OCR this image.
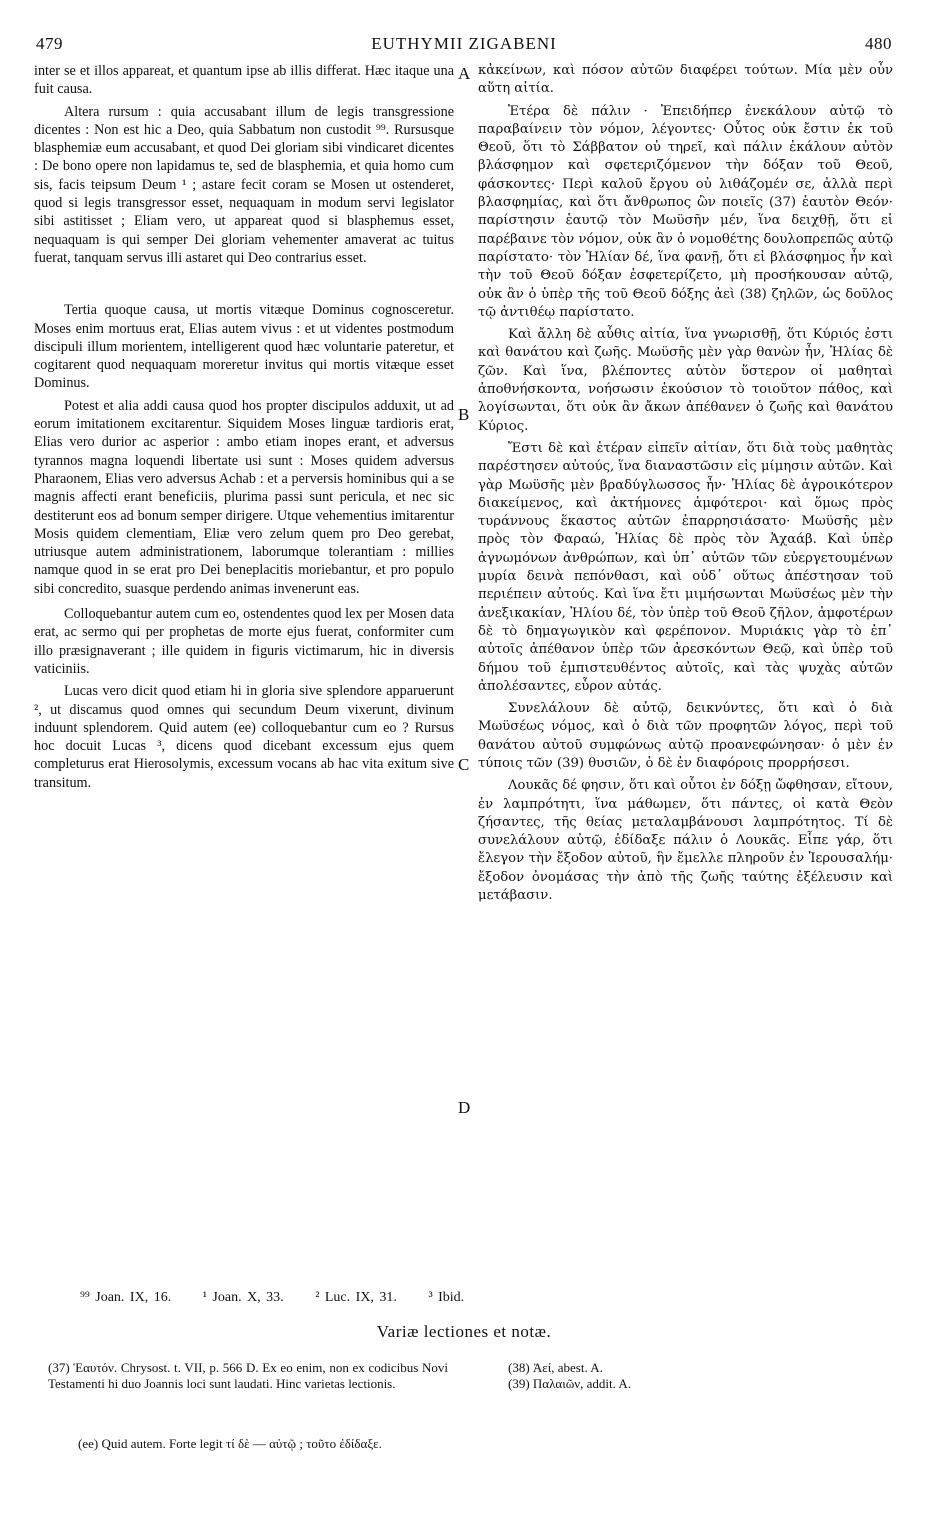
479	EUTHYMII ZIGABENI	480

inter se et illos appareat, et quantum ipse ab illis differat. Hæc itaque una fuit causa.

Altera rursum : quia accusabant illum de legis transgressione dicentes : Non est hic a Deo, quia Sabbatum non custodit ⁹⁹. Rursusque blasphemiæ eum accusabant, et quod Dei gloriam sibi vindicaret dicentes : De bono opere non lapidamus te, sed de blasphemia, et quia homo cum sis, facis teipsum Deum ¹ ; astare fecit coram se Mosen ut ostenderet, quod si legis transgressor esset, nequaquam in modum servi legislator sibi astitisset ; Eliam vero, ut appareat quod si blasphemus esset, nequaquam is qui semper Dei gloriam vehementer amaverat ac tuitus fuerat, tanquam servus illi astaret qui Deo contrarius esset.

Tertia quoque causa, ut mortis vitæque Dominus cognosceretur. Moses enim mortuus erat, Elias autem vivus : et ut videntes postmodum discipuli illum morientem, intelligerent quod hæc voluntarie pateretur, et cogitarent quod nequaquam moreretur invitus qui mortis vitæque esset Dominus.

Potest et alia addi causa quod hos propter discipulos adduxit, ut ad eorum imitationem excitarentur. Siquidem Moses linguæ tardioris erat, Elias vero durior ac asperior : ambo etiam inopes erant, et adversus tyrannos magna loquendi libertate usi sunt : Moses quidem adversus Pharaonem, Elias vero adversus Achab : et a perversis hominibus qui a se magnis affecti erant beneficiis, plurima passi sunt pericula, et nec sic destiterunt eos ad bonum semper dirigere. Utque vehementius imitarentur Mosis quidem clementiam, Eliæ vero zelum quem pro Deo gerebat, utriusque autem administrationem, laborumque tolerantiam : millies namque quod in se erat pro Dei beneplacitis moriebantur, et pro populo sibi concredito, suasque perdendo animas invenerunt eas.

Colloquebantur autem cum eo, ostendentes quod lex per Mosen data erat, ac sermo qui per prophetas de morte ejus fuerat, conformiter cum illo præsignaverant ; ille quidem in figuris victimarum, hic in diversis vaticiniis.

Lucas vero dicit quod etiam hi in gloria sive splendore apparuerunt ², ut discamus quod omnes qui secundum Deum vixerunt, divinum induunt splendorem. Quid autem (ee) colloquebantur cum eo ? Rursus hoc docuit Lucas ³, dicens quod dicebant excessum ejus quem completurus erat Hierosolymis, excessum vocans ab hac vita exitum sive transitum.

A
B
C
D

κἀκείνων, καὶ πόσον αὐτῶν διαφέρει τούτων. Μία μὲν οὖν αὕτη αἰτία.

Ἑτέρα δὲ πάλιν · Ἐπειδήπερ ἐνεκάλουν αὐτῷ τὸ παραβαίνειν τὸν νόμον, λέγοντες· Οὗτος οὐκ ἔστιν ἐκ τοῦ Θεοῦ, ὅτι τὸ Σάββατον οὐ τηρεῖ, καὶ πάλιν ἐκάλουν αὐτὸν βλάσφημον καὶ σφετεριζόμενον τὴν δόξαν τοῦ Θεοῦ, φάσκοντες· Περὶ καλοῦ ἔργου οὐ λιθάζομέν σε, ἀλλὰ περὶ βλασφημίας, καὶ ὅτι ἄνθρωπος ὢν ποιεῖς (37) ἑαυτὸν Θεόν· παρίστησιν ἑαυτῷ τὸν Μωϋσῆν μέν, ἵνα δειχθῇ, ὅτι εἰ παρέβαινε τὸν νόμον, οὐκ ἂν ὁ νομοθέτης δουλοπρεπῶς αὐτῷ παρίστατο· τὸν Ἠλίαν δέ, ἵνα φανῇ, ὅτι εἰ βλάσφημος ἦν καὶ τὴν τοῦ Θεοῦ δόξαν ἐσφετερίζετο, μὴ προσήκουσαν αὐτῷ, οὐκ ἂν ὁ ὑπὲρ τῆς τοῦ Θεοῦ δόξης ἀεὶ (38) ζηλῶν, ὡς δοῦλος τῷ ἀντιθέῳ παρίστατο.

Καὶ ἄλλη δὲ αὖθις αἰτία, ἵνα γνωρισθῇ, ὅτι Κύριός ἐστι καὶ θανάτου καὶ ζωῆς. Μωϋσῆς μὲν γὰρ θανὼν ἦν, Ἠλίας δὲ ζῶν. Καὶ ἵνα, βλέποντες αὐτὸν ὕστερον οἱ μαθηταὶ ἀποθνήσκοντα, νοήσωσιν ἑκούσιον τὸ τοιοῦτον πάθος, καὶ λογίσωνται, ὅτι οὐκ ἂν ἄκων ἀπέθανεν ὁ ζωῆς καὶ θανάτου Κύριος.

Ἔστι δὲ καὶ ἑτέραν εἰπεῖν αἰτίαν, ὅτι διὰ τοὺς μαθητὰς παρέστησεν αὐτούς, ἵνα διαναστῶσιν εἰς μίμησιν αὐτῶν. Καὶ γὰρ Μωϋσῆς μὲν βραδύγλωσσος ἦν· Ἠλίας δὲ ἀγροικότερον διακείμενος, καὶ ἀκτήμονες ἀμφότεροι· καὶ ὅμως πρὸς τυράννους ἕκαστος αὐτῶν ἐπαρρησιάσατο· Μωϋσῆς μὲν πρὸς τὸν Φαραώ, Ἠλίας δὲ πρὸς τὸν Ἀχαάβ. Καὶ ὑπὲρ ἀγνωμόνων ἀνθρώπων, καὶ ὑπ᾽ αὐτῶν τῶν εὐεργετουμένων μυρία δεινὰ πεπόνθασι, καὶ οὐδ᾽ οὕτως ἀπέστησαν τοῦ περιέπειν αὐτούς. Καὶ ἵνα ἔτι μιμήσωνται Μωϋσέως μὲν τὴν ἀνεξικακίαν, Ἠλίου δέ, τὸν ὑπὲρ τοῦ Θεοῦ ζῆλον, ἀμφοτέρων δὲ τὸ δημαγωγικὸν καὶ φερέπονον. Μυριάκις γὰρ τὸ ἐπ᾽ αὐτοῖς ἀπέθανον ὑπὲρ τῶν ἀρεσκόντων Θεῷ, καὶ ὑπὲρ τοῦ δήμου τοῦ ἐμπιστευθέντος αὐτοῖς, καὶ τὰς ψυχὰς αὐτῶν ἀπολέσαντες, εὗρον αὐτάς.

Συνελάλουν δὲ αὐτῷ, δεικνύντες, ὅτι καὶ ὁ διὰ Μωϋσέως νόμος, καὶ ὁ διὰ τῶν προφητῶν λόγος, περὶ τοῦ θανάτου αὐτοῦ συμφώνως αὐτῷ προανεφώνησαν· ὁ μὲν ἐν τύποις τῶν (39) θυσιῶν, ὁ δὲ ἐν διαφόροις προρρήσεσι.

Λουκᾶς δέ φησιν, ὅτι καὶ οὗτοι ἐν δόξῃ ὤφθησαν, εἴτουν, ἐν λαμπρότητι, ἵνα μάθωμεν, ὅτι πάντες, οἱ κατὰ Θεὸν ζήσαντες, τῆς θείας μεταλαμβάνουσι λαμπρότητος. Τί δὲ συνελάλουν αὐτῷ, ἐδίδαξε πάλιν ὁ Λουκᾶς. Εἶπε γάρ, ὅτι ἔλεγον τὴν ἔξοδον αὐτοῦ, ἣν ἔμελλε πληροῦν ἐν Ἱερουσαλήμ· ἔξοδον ὀνομάσας τὴν ἀπὸ τῆς ζωῆς ταύτης ἐξέλευσιν καὶ μετάβασιν.

⁹⁹ Joan. IX, 16. ¹ Joan. X, 33. ² Luc. IX, 31. ³ Ibid.
Variæ lectiones et notæ.
(37) Ἑαυτόν. Chrysost. t. VII, p. 566 D. Ex eo enim, non ex codicibus Novi Testamenti hi duo Joannis loci sunt laudati. Hinc varietas lectionis.
(38) Ἀεί, abest. A.
(39) Παλαιῶν, addit. A.
(ee) Quid autem. Forte legit τί δὲ — αὐτῷ ; τοῦτο ἐδίδαξε.
